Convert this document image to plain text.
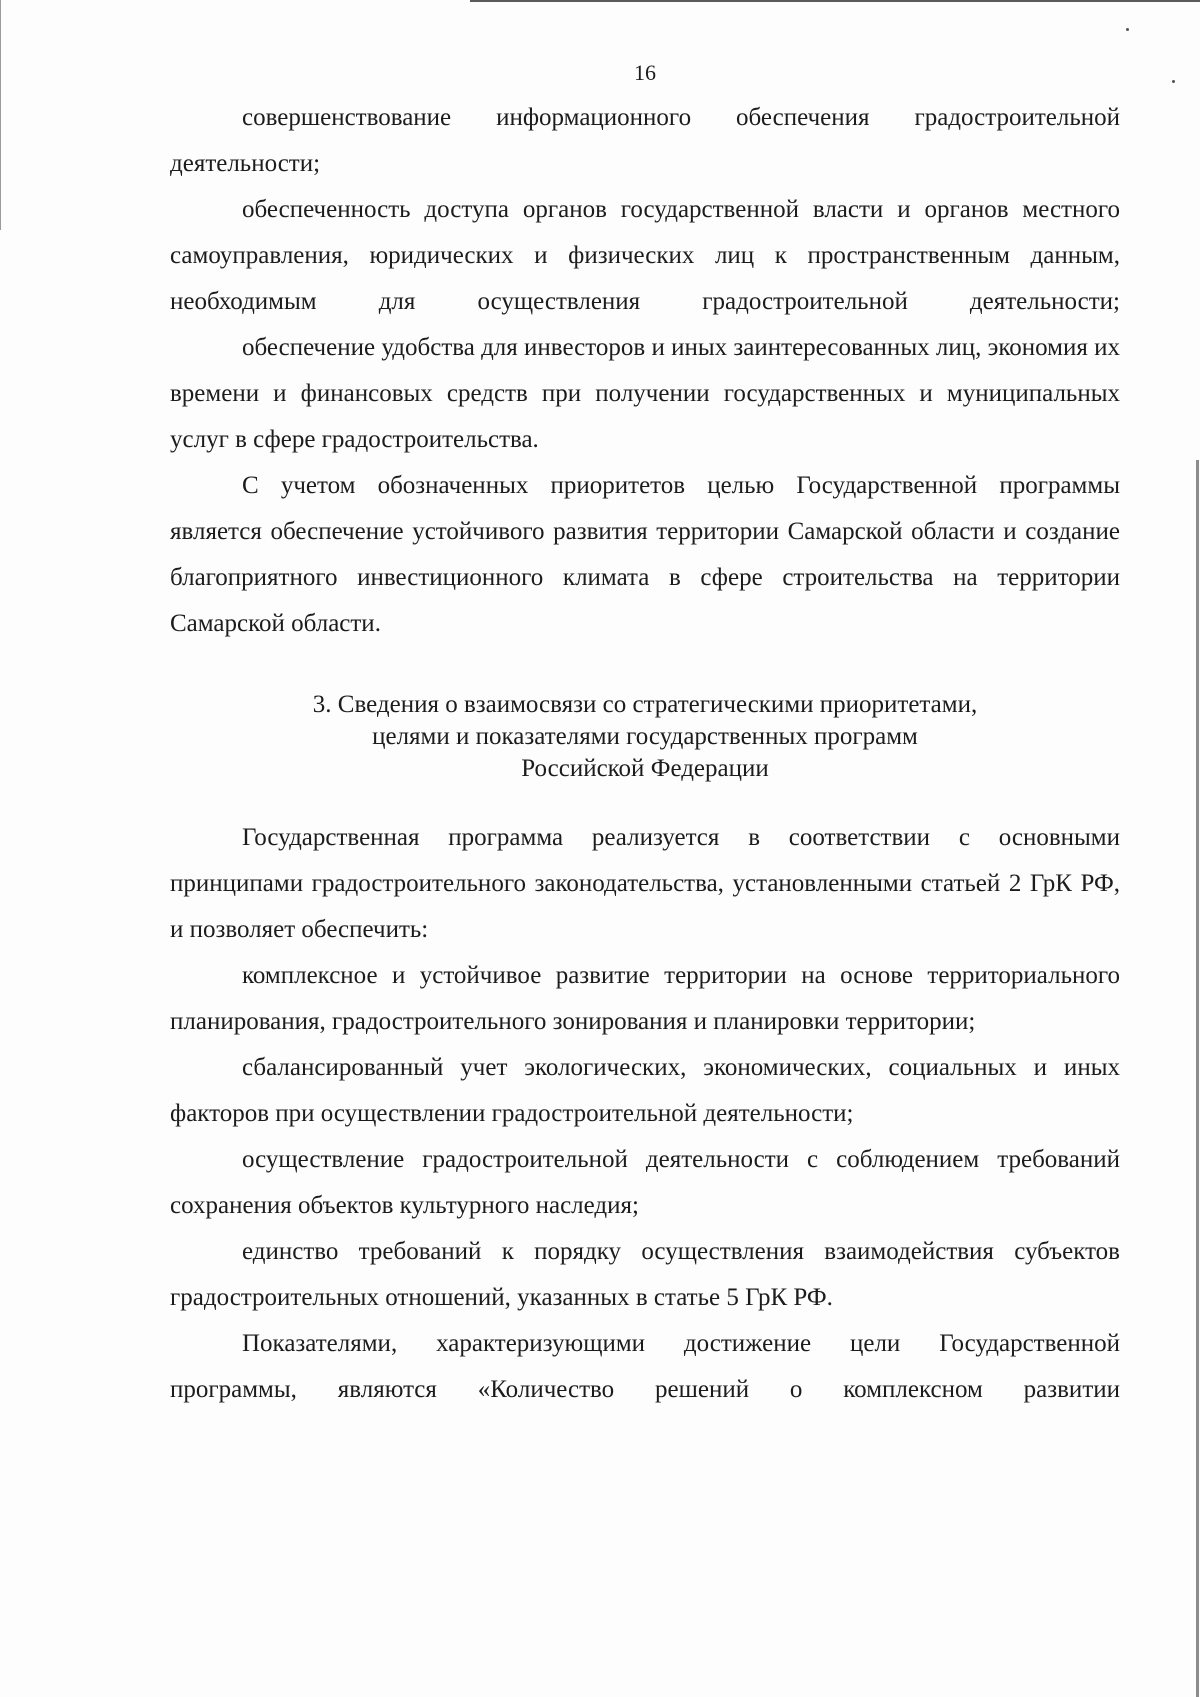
16

совершенствование информационного обеспечения градостроительной деятельности;

обеспеченность доступа органов государственной власти и органов местного самоуправления, юридических и физических лиц к пространственным данным, необходимым для осуществления градостроительной деятельности;

обеспечение удобства для инвесторов и иных заинтересованных лиц, экономия их времени и финансовых средств при получении государственных и муниципальных услуг в сфере градостроительства.

С учетом обозначенных приоритетов целью Государственной программы является обеспечение устойчивого развития территории Самарской области и создание благоприятного инвестиционного климата в сфере строительства на территории Самарской области.

3. Сведения о взаимосвязи со стратегическими приоритетами,
целями и показателями государственных программ
Российской Федерации

Государственная программа реализуется в соответствии с основными принципами градостроительного законодательства, установленными статьей 2 ГрК РФ, и позволяет обеспечить:

комплексное и устойчивое развитие территории на основе территориального планирования, градостроительного зонирования и планировки территории;

сбалансированный учет экологических, экономических, социальных и иных факторов при осуществлении градостроительной деятельности;

осуществление градостроительной деятельности с соблюдением требований сохранения объектов культурного наследия;

единство требований к порядку осуществления взаимодействия субъектов градостроительных отношений, указанных в статье 5 ГрК РФ.

Показателями, характеризующими достижение цели Государственной программы, являются «Количество решений о комплексном развитии
